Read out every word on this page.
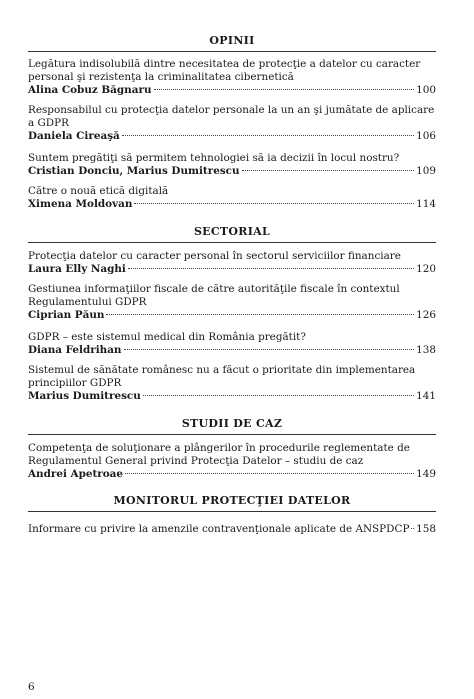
OPINII

Legătura indisolubilă dintre necesitatea de protecţie a datelor cu caracter personal şi rezistenţa la criminalitatea cibernetică

Alina Cobuz Băgnaru	100

Responsabilul cu protecţia datelor personale la un an şi jumătate de aplicare a GDPR

Daniela Cireaşă	106

Suntem pregătiţi să permitem tehnologiei să ia decizii în locul nostru?

Cristian Donciu, Marius Dumitrescu	109

Către o nouă etică digitală

Ximena Moldovan	114

SECTORIAL

Protecţia datelor cu caracter personal în sectorul serviciilor financiare

Laura Elly Naghi	120

Gestiunea informaţiilor fiscale de către autorităţile fiscale în contextul Regulamentului GDPR

Ciprian Păun	126

GDPR – este sistemul medical din România pregătit?

Diana Feldrihan	138

Sistemul de sănătate românesc nu a făcut o prioritate din implementarea principiilor GDPR

Marius Dumitrescu	141

STUDII DE CAZ

Competenţa de soluţionare a plângerilor în procedurile reglementate de Regulamentul General privind Protecţia Datelor – studiu de caz

Andrei Apetroae	149

MONITORUL PROTECŢIEI DATELOR

Informare cu privire la amenzile contravenţionale aplicate de ANSPDCP 158

6
